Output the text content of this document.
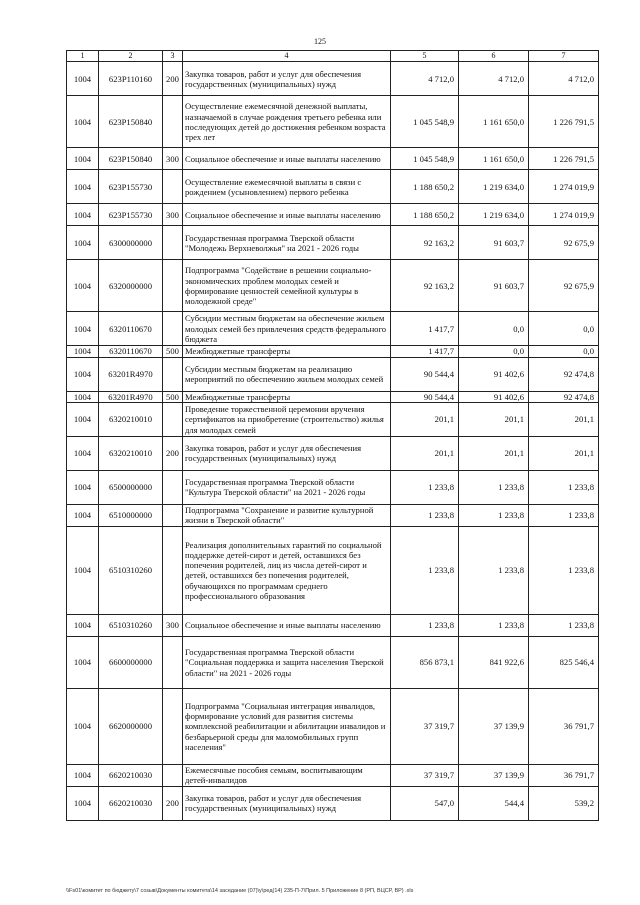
125
1	2	3	4	5	6	7
1004	623P110160	200	Закупка товаров, работ и услуг для обеспечения государственных (муниципальных) нужд	4 712,0	4 712,0	4 712,0
1004	623P150840		Осуществление ежемесячной денежной выплаты, назначаемой в случае рождения третьего ребенка или последующих детей до достижения ребенком возраста трех лет	1 045 548,9	1 161 650,0	1 226 791,5
1004	623P150840	300	Социальное обеспечение и иные выплаты населению	1 045 548,9	1 161 650,0	1 226 791,5
1004	623P155730		Осуществление ежемесячной выплаты в связи с рождением (усыновлением) первого ребенка	1 188 650,2	1 219 634,0	1 274 019,9
1004	623P155730	300	Социальное обеспечение и иные выплаты населению	1 188 650,2	1 219 634,0	1 274 019,9
1004	6300000000		Государственная программа Тверской области "Молодежь Верхневолжья" на 2021 - 2026 годы	92 163,2	91 603,7	92 675,9
1004	6320000000		Подпрограмма "Содействие в решении социально-экономических проблем молодых семей и формирование ценностей семейной культуры в молодежной среде"	92 163,2	91 603,7	92 675,9
1004	6320110670		Субсидии местным бюджетам на обеспечение жильем молодых семей без привлечения средств федерального бюджета	1 417,7	0,0	0,0
1004	6320110670	500	Межбюджетные трансферты	1 417,7	0,0	0,0
1004	63201R4970		Субсидии местным бюджетам на реализацию мероприятий по обеспечению жильем молодых семей	90 544,4	91 402,6	92 474,8
1004	63201R4970	500	Межбюджетные трансферты	90 544,4	91 402,6	92 474,8
1004	6320210010		Проведение торжественной церемонии вручения сертификатов на приобретение (строительство) жилья для молодых семей	201,1	201,1	201,1
1004	6320210010	200	Закупка товаров, работ и услуг для обеспечения государственных (муниципальных) нужд	201,1	201,1	201,1
1004	6500000000		Государственная программа Тверской области "Культура Тверской области" на 2021 - 2026 годы	1 233,8	1 233,8	1 233,8
1004	6510000000		Подпрограмма "Сохранение и развитие культурной жизни в Тверской области"	1 233,8	1 233,8	1 233,8
1004	6510310260		Реализация дополнительных гарантий по социальной поддержке детей-сирот и детей, оставшихся без попечения родителей, лиц из числа детей-сирот и детей, оставшихся без попечения родителей, обучающихся по программам среднего профессионального образования	1 233,8	1 233,8	1 233,8
1004	6510310260	300	Социальное обеспечение и иные выплаты населению	1 233,8	1 233,8	1 233,8
1004	6600000000		Государственная программа Тверской области "Социальная поддержка и защита населения Тверской области" на 2021 - 2026 годы	856 873,1	841 922,6	825 546,4
1004	6620000000		Подпрограмма "Социальная интеграция инвалидов, формирование условий для развития системы комплексной реабилитации и абилитации инвалидов и безбарьерной среды для маломобильных групп населения"	37 319,7	37 139,9	36 791,7
1004	6620210030		Ежемесячные пособия семьям, воспитывающим детей-инвалидов	37 319,7	37 139,9	36 791,7
1004	6620210030	200	Закупка товаров, работ и услуг для обеспечения государственных (муниципальных) нужд	547,0	544,4	539,2
\\Fs01\комитет по бюджету\7 созыв\Документы комитета\14 заседание (07)\у\ред(14) 235-П-7\Прил. 5 Приложение 8 (РП, ВЦСР, ВР) .xls
